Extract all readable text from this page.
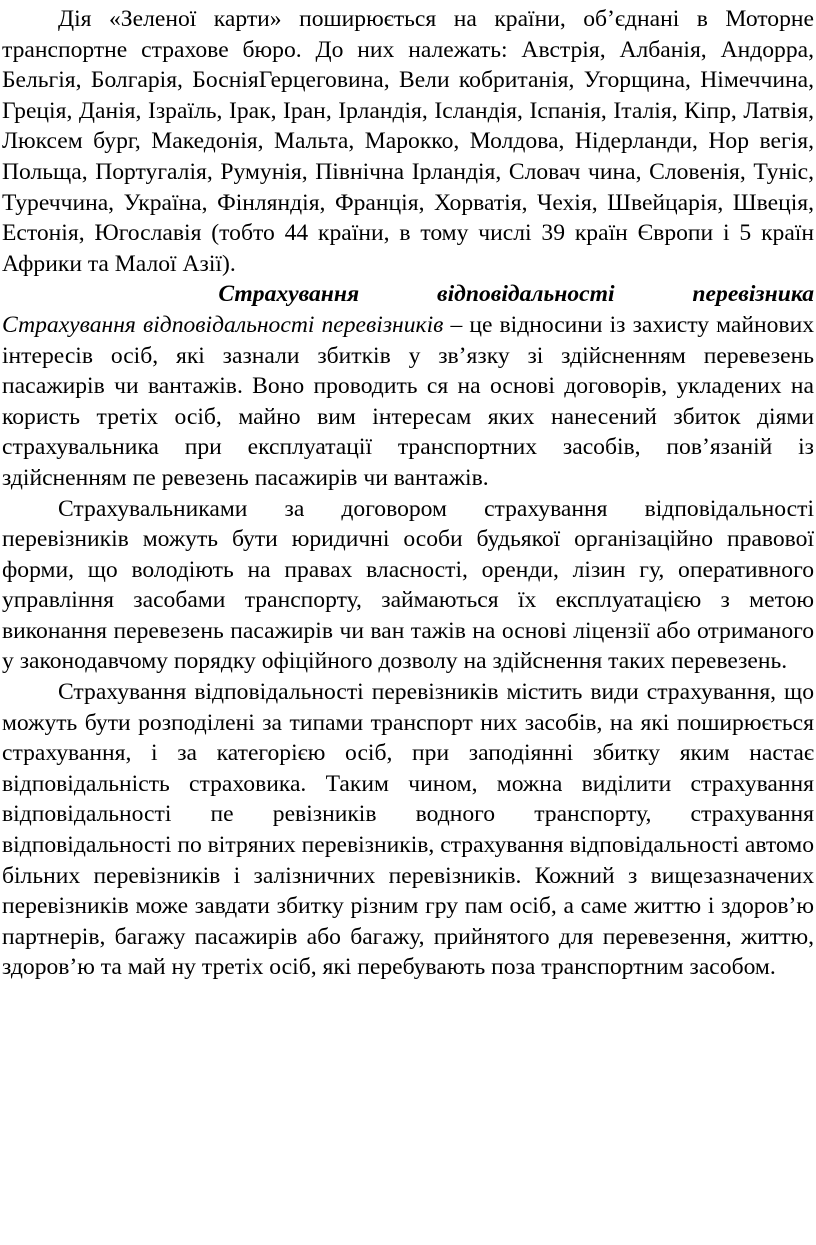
Дія «Зеленої карти» поширюється на країни, об’єднані в Моторне транспортне страхове бюро. До них належать: Австрія, Албанія, Андорра, Бельгія, Болгарія, БосніяГерцеговина, Вели кобританія, Угорщина, Німеччина, Греція, Данія, Ізраїль, Ірак, Іран, Ірландія, Ісландія, Іспанія, Італія, Кіпр, Латвія, Люксем бург, Македонія, Мальта, Марокко, Молдова, Нідерланди, Нор вегія, Польща, Португалія, Румунія, Північна Ірландія, Словач чина, Словенія, Туніс, Туреччина, Україна, Фінляндія, Франція, Хорватія, Чехія, Швейцарія, Швеція, Естонія, Югославія (тобто 44 країни, в тому числі 39 країн Європи і 5 країн Африки та Малої Азії).

Страхування відповідальності перевізника

Страхування відповідальності перевізників – це відносини із захисту майнових інтересів осіб, які зазнали збитків у зв’язку зі здійсненням перевезень пасажирів чи вантажів. Воно проводить ся на основі договорів, укладених на користь третіх осіб, майно вим інтересам яких нанесений збиток діями страхувальника при експлуатації транспортних засобів, пов’язаній із здійсненням пе ревезень пасажирів чи вантажів.

Страхувальниками за договором страхування відповідальності перевізників можуть бути юридичні особи будьякої організаційно правової форми, що володіють на правах власності, оренди, лізин гу, оперативного управління засобами транспорту, займаються їх експлуатацією з метою виконання перевезень пасажирів чи ван тажів на основі ліцензії або отриманого у законодавчому порядку офіційного дозволу на здійснення таких перевезень.

Страхування відповідальності перевізників містить види страхування, що можуть бути розподілені за типами транспорт них засобів, на які поширюється страхування, і за категорією осіб, при заподіянні збитку яким настає відповідальність страховика. Таким чином, можна виділити страхування відповідальності пе ревізників водного транспорту, страхування відповідальності по вітряних перевізників, страхування відповідальності автомо більних перевізників і залізничних перевізників. Кожний з вищезазначених перевізників може завдати збитку різним гру пам осіб, а саме життю і здоров’ю партнерів, багажу пасажирів або багажу, прийнятого для перевезення, життю, здоров’ю та май ну третіх осіб, які перебувають поза транспортним засобом.
